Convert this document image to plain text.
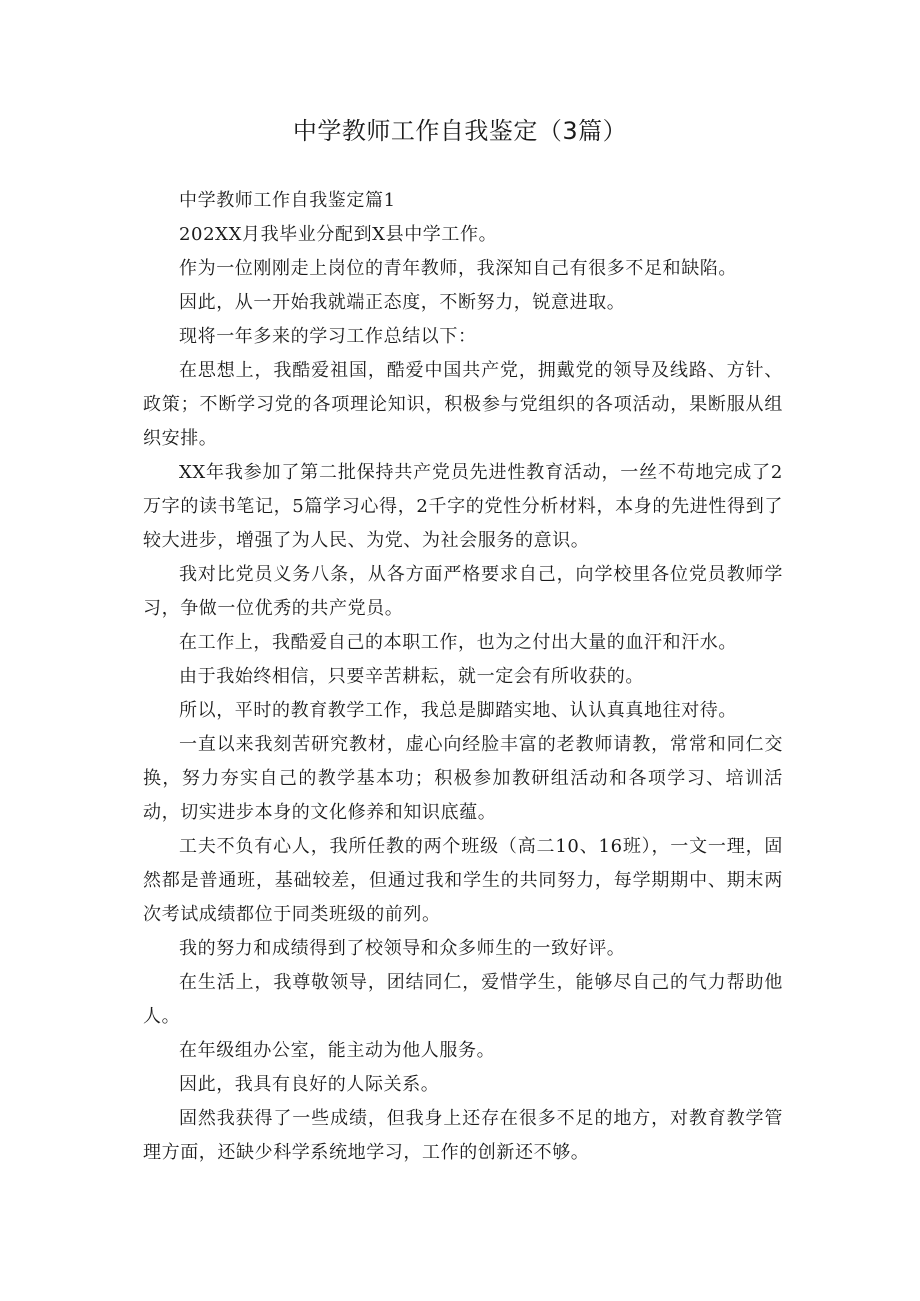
中学教师工作自我鉴定（3篇）

中学教师工作自我鉴定篇1

202XX月我毕业分配到X县中学工作。

作为一位刚刚走上岗位的青年教师，我深知自己有很多不足和缺陷。

因此，从一开始我就端正态度，不断努力，锐意进取。

现将一年多来的学习工作总结以下：

在思想上，我酷爱祖国，酷爱中国共产党，拥戴党的领导及线路、方针、政策；不断学习党的各项理论知识，积极参与党组织的各项活动，果断服从组织安排。

XX年我参加了第二批保持共产党员先进性教育活动，一丝不苟地完成了2万字的读书笔记，5篇学习心得，2千字的党性分析材料，本身的先进性得到了较大进步，增强了为人民、为党、为社会服务的意识。

我对比党员义务八条，从各方面严格要求自己，向学校里各位党员教师学习，争做一位优秀的共产党员。

在工作上，我酷爱自己的本职工作，也为之付出大量的血汗和汗水。

由于我始终相信，只要辛苦耕耘，就一定会有所收获的。

所以，平时的教育教学工作，我总是脚踏实地、认认真真地往对待。

一直以来我刻苦研究教材，虚心向经脸丰富的老教师请教，常常和同仁交换，努力夯实自己的教学基本功；积极参加教研组活动和各项学习、培训活动，切实进步本身的文化修养和知识底蕴。

工夫不负有心人，我所任教的两个班级（高二10、16班），一文一理，固然都是普通班，基础较差，但通过我和学生的共同努力，每学期期中、期末两次考试成绩都位于同类班级的前列。

我的努力和成绩得到了校领导和众多师生的一致好评。

在生活上，我尊敬领导，团结同仁，爱惜学生，能够尽自己的气力帮助他人。

在年级组办公室，能主动为他人服务。

因此，我具有良好的人际关系。

固然我获得了一些成绩，但我身上还存在很多不足的地方，对教育教学管理方面，还缺少科学系统地学习，工作的创新还不够。
